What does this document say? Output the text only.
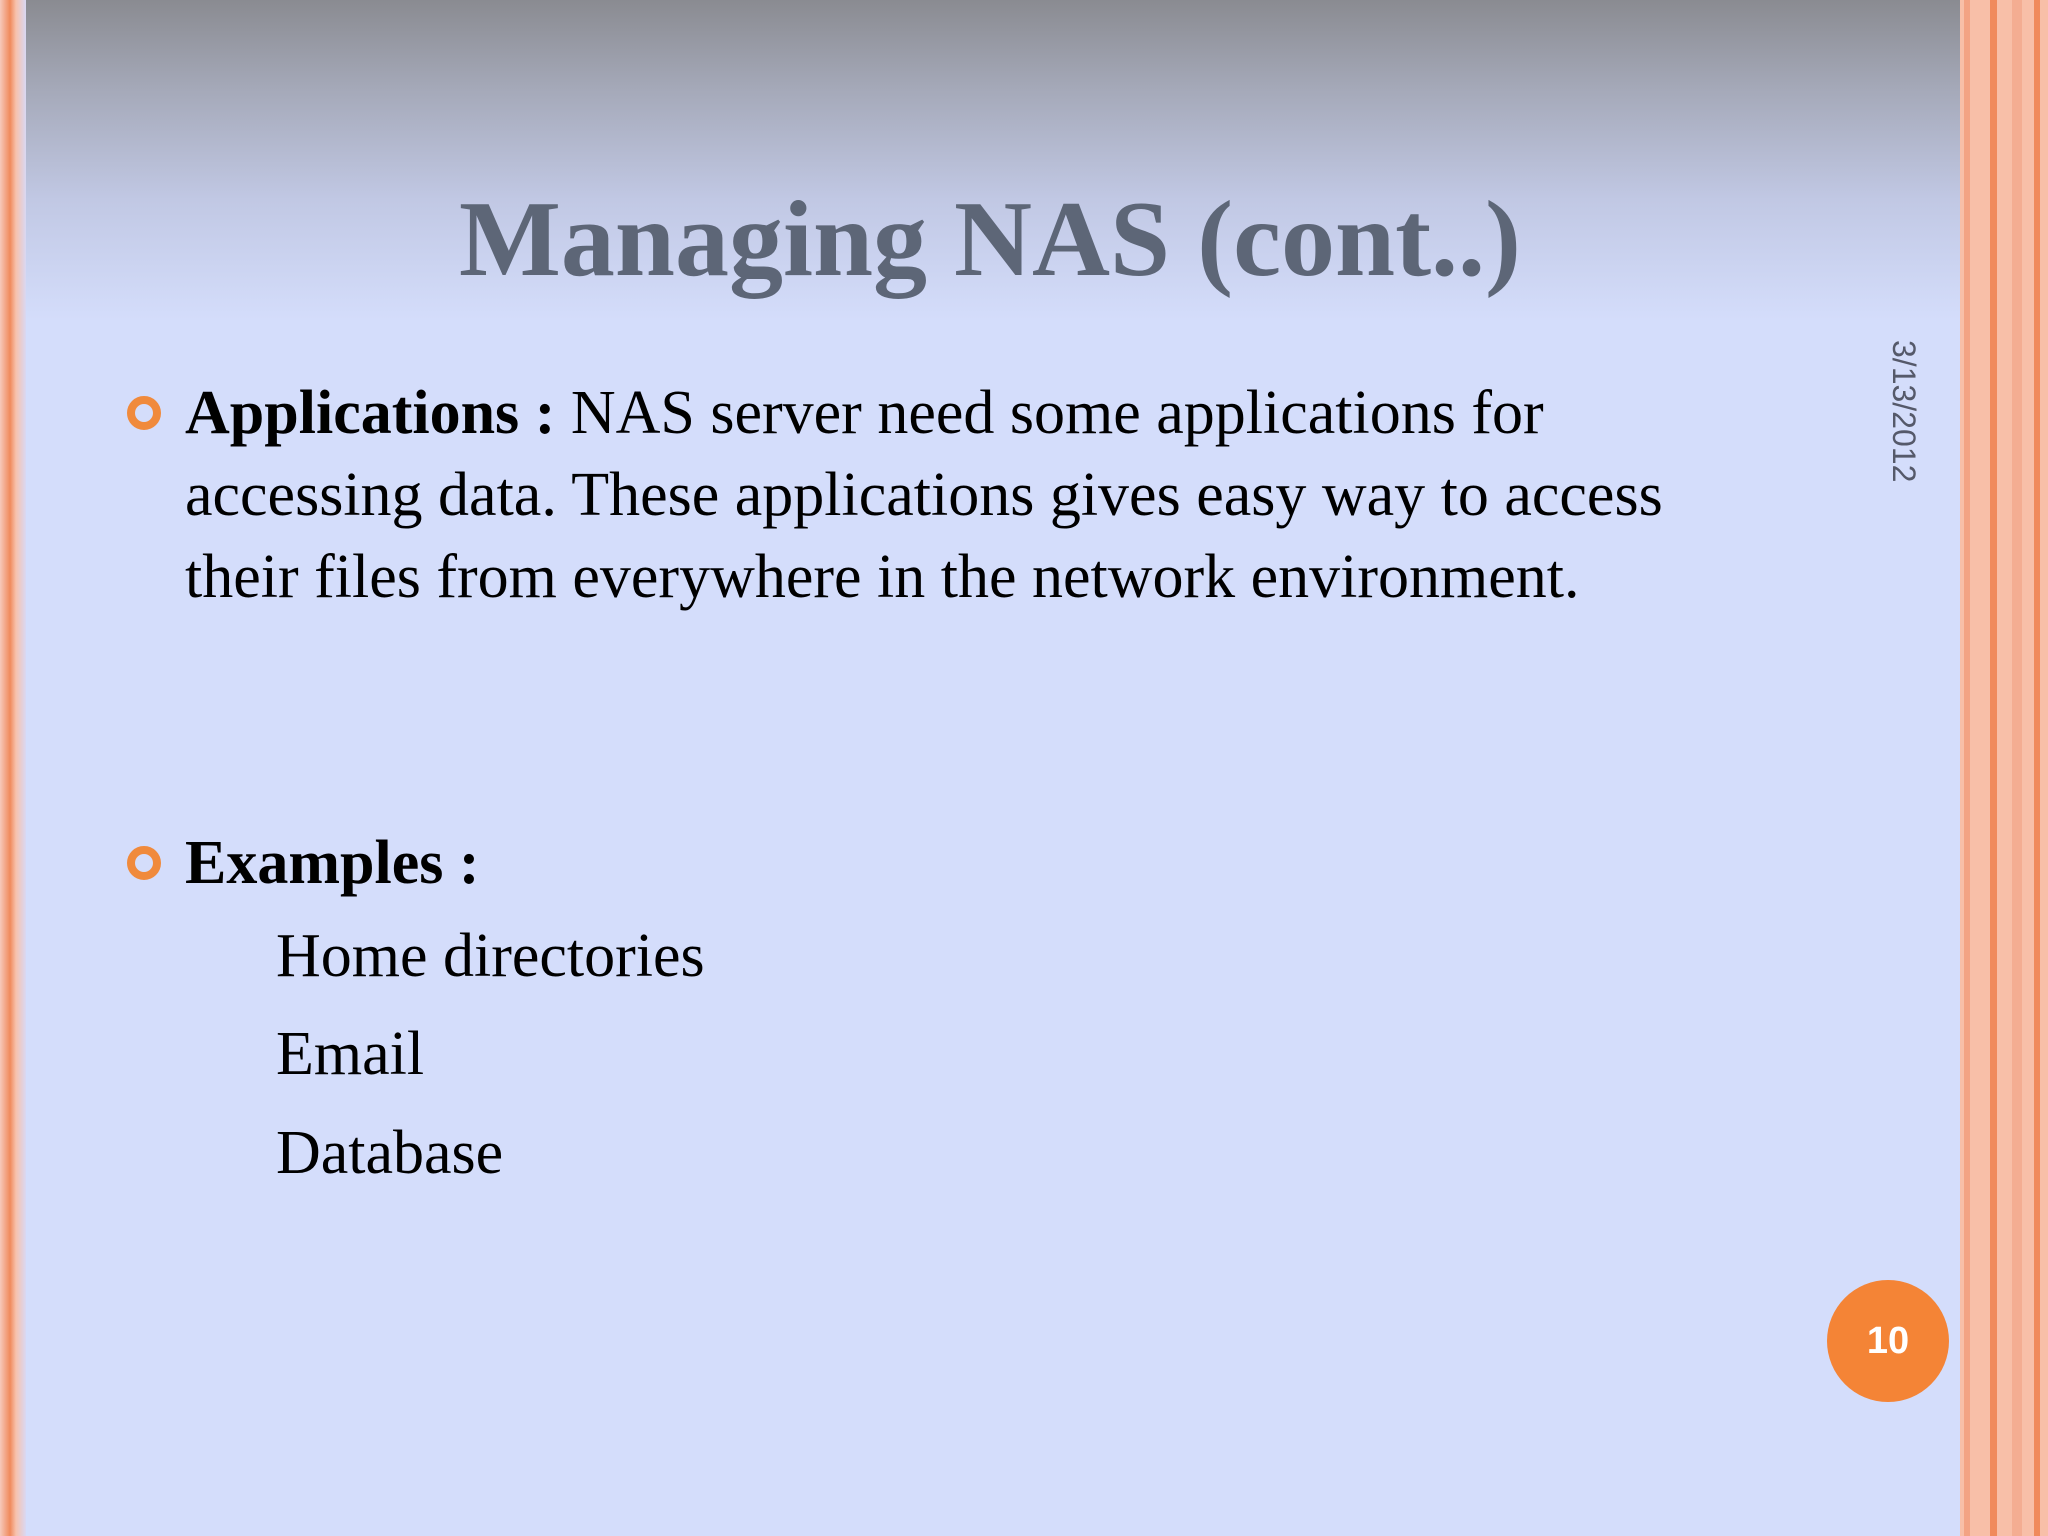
Managing NAS (cont..)
3/13/2012

Applications : NAS server need some applications for accessing data. These applications gives easy way to access their files from everywhere in the network environment.

Examples :

Home directories
Email
Database
10
